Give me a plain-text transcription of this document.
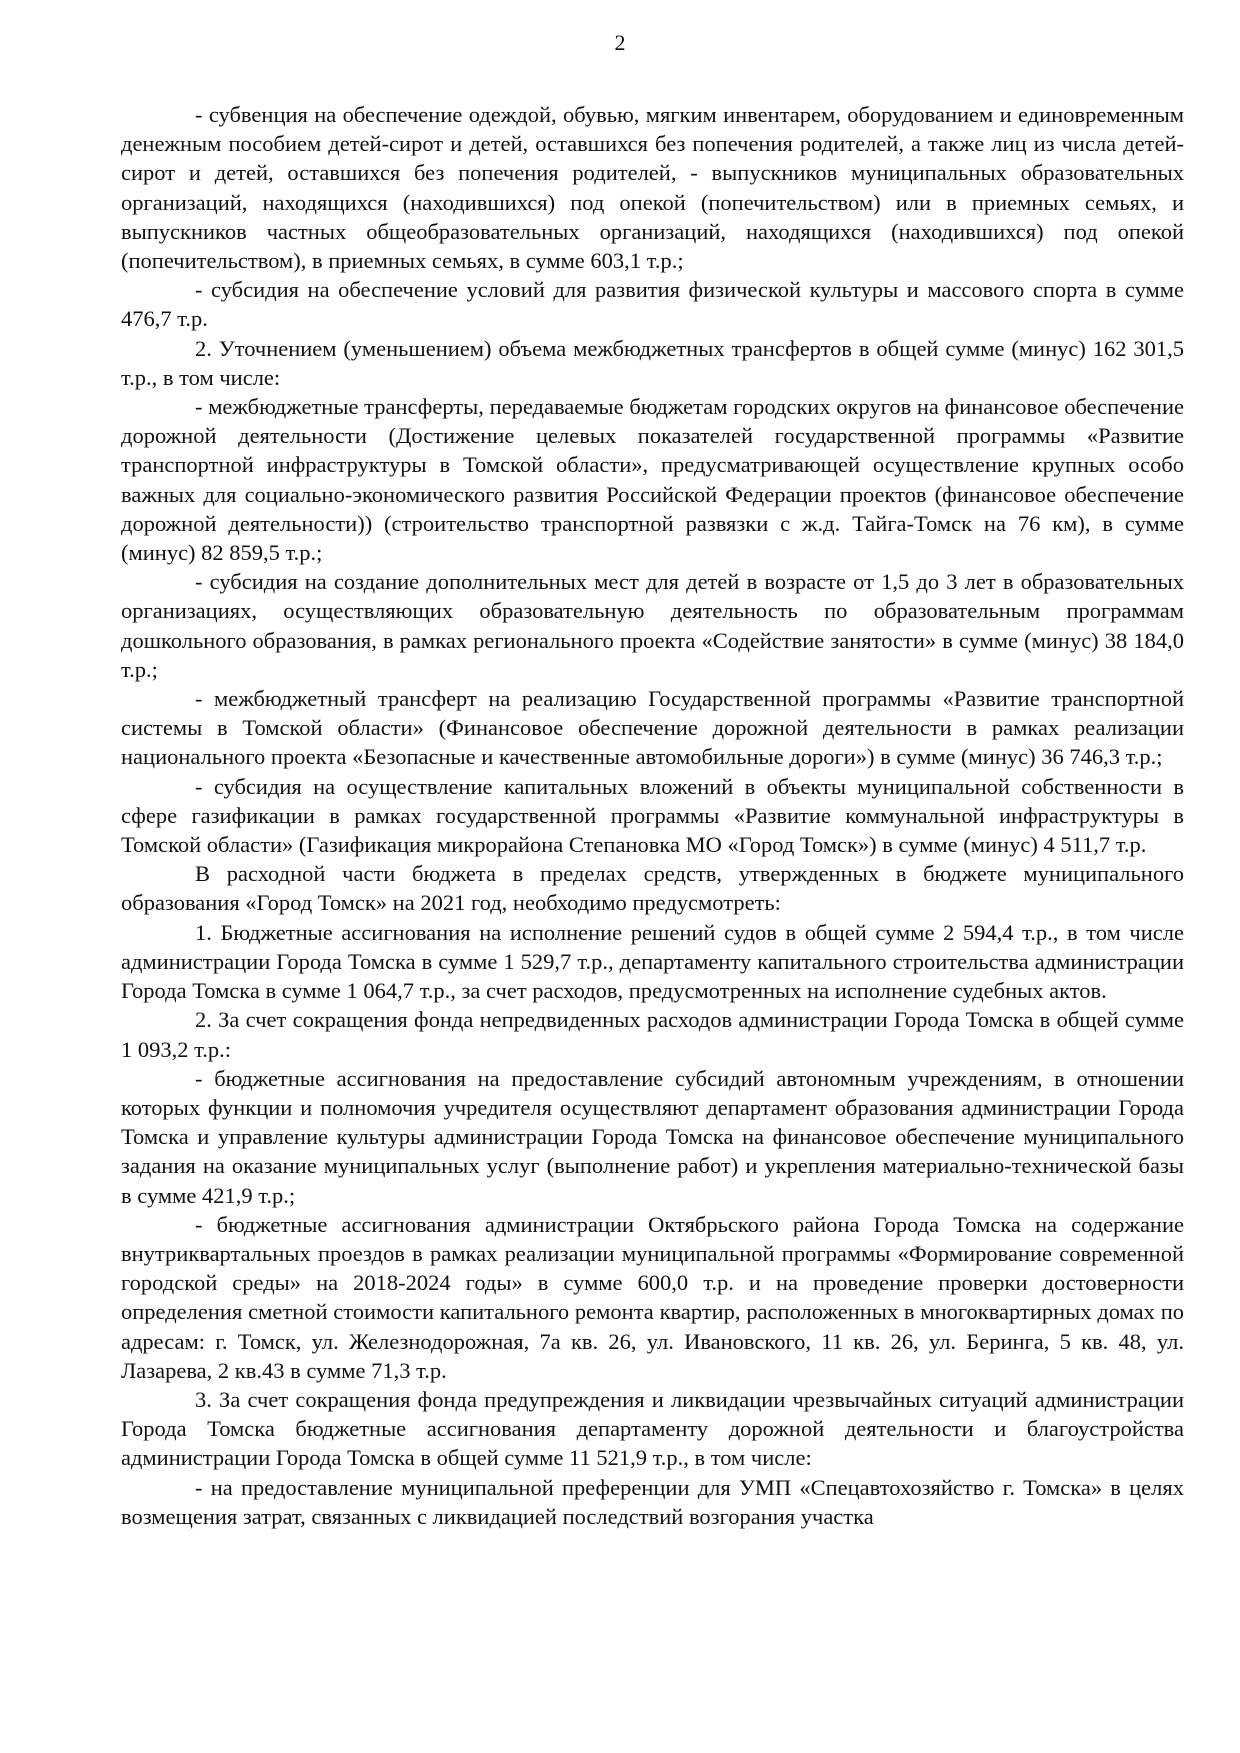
2

- субвенция на обеспечение одеждой, обувью, мягким инвентарем, оборудованием и единовременным денежным пособием детей-сирот и детей, оставшихся без попечения родителей, а также лиц из числа детей-сирот и детей, оставшихся без попечения родителей, - выпускников муниципальных образовательных организаций, находящихся (находившихся) под опекой (попечительством) или в приемных семьях, и выпускников частных общеобразовательных организаций, находящихся (находившихся) под опекой (попечительством), в приемных семьях, в сумме 603,1 т.р.;

- субсидия на обеспечение условий для развития физической культуры и массового спорта в сумме 476,7 т.р.

2. Уточнением (уменьшением) объема межбюджетных трансфертов в общей сумме (минус) 162 301,5 т.р., в том числе:

- межбюджетные трансферты, передаваемые бюджетам городских округов на финансовое обеспечение дорожной деятельности (Достижение целевых показателей государственной программы «Развитие транспортной инфраструктуры в Томской области», предусматривающей осуществление крупных особо важных для социально-экономического развития Российской Федерации проектов (финансовое обеспечение дорожной деятельности)) (строительство транспортной развязки с ж.д. Тайга-Томск на 76 км), в сумме (минус) 82 859,5 т.р.;

- субсидия на создание дополнительных мест для детей в возрасте от 1,5 до 3 лет в образовательных организациях, осуществляющих образовательную деятельность по образовательным программам дошкольного образования, в рамках регионального проекта «Содействие занятости» в сумме (минус) 38 184,0 т.р.;

- межбюджетный трансферт на реализацию Государственной программы «Развитие транспортной системы в Томской области» (Финансовое обеспечение дорожной деятельности в рамках реализации национального проекта «Безопасные и качественные автомобильные дороги») в сумме (минус) 36 746,3 т.р.;

- субсидия на осуществление капитальных вложений в объекты муниципальной собственности в сфере газификации в рамках государственной программы «Развитие коммунальной инфраструктуры в Томской области» (Газификация микрорайона Степановка МО «Город Томск») в сумме (минус) 4 511,7 т.р.

В расходной части бюджета в пределах средств, утвержденных в бюджете муниципального образования «Город Томск» на 2021 год, необходимо предусмотреть:

1. Бюджетные ассигнования на исполнение решений судов в общей сумме 2 594,4 т.р., в том числе администрации Города Томска в сумме 1 529,7 т.р., департаменту капитального строительства администрации Города Томска в сумме 1 064,7 т.р., за счет расходов, предусмотренных на исполнение судебных актов.

2. За счет сокращения фонда непредвиденных расходов администрации Города Томска в общей сумме 1 093,2 т.р.:

- бюджетные ассигнования на предоставление субсидий автономным учреждениям, в отношении которых функции и полномочия учредителя осуществляют департамент образования администрации Города Томска и управление культуры администрации Города Томска на финансовое обеспечение муниципального задания на оказание муниципальных услуг (выполнение работ) и укрепления материально-технической базы в сумме 421,9 т.р.;

- бюджетные ассигнования администрации Октябрьского района Города Томска на содержание внутриквартальных проездов в рамках реализации муниципальной программы «Формирование современной городской среды» на 2018-2024 годы» в сумме 600,0 т.р. и на проведение проверки достоверности определения сметной стоимости капитального ремонта квартир, расположенных в многоквартирных домах по адресам: г. Томск, ул. Железнодорожная, 7а кв. 26, ул. Ивановского, 11 кв. 26, ул. Беринга, 5 кв. 48, ул. Лазарева, 2 кв.43 в сумме 71,3 т.р.

3. За счет сокращения фонда предупреждения и ликвидации чрезвычайных ситуаций администрации Города Томска бюджетные ассигнования департаменту дорожной деятельности и благоустройства администрации Города Томска в общей сумме 11 521,9 т.р., в том числе:

- на предоставление муниципальной преференции для УМП «Спецавтохозяйство г. Томска» в целях возмещения затрат, связанных с ликвидацией последствий возгорания участка
